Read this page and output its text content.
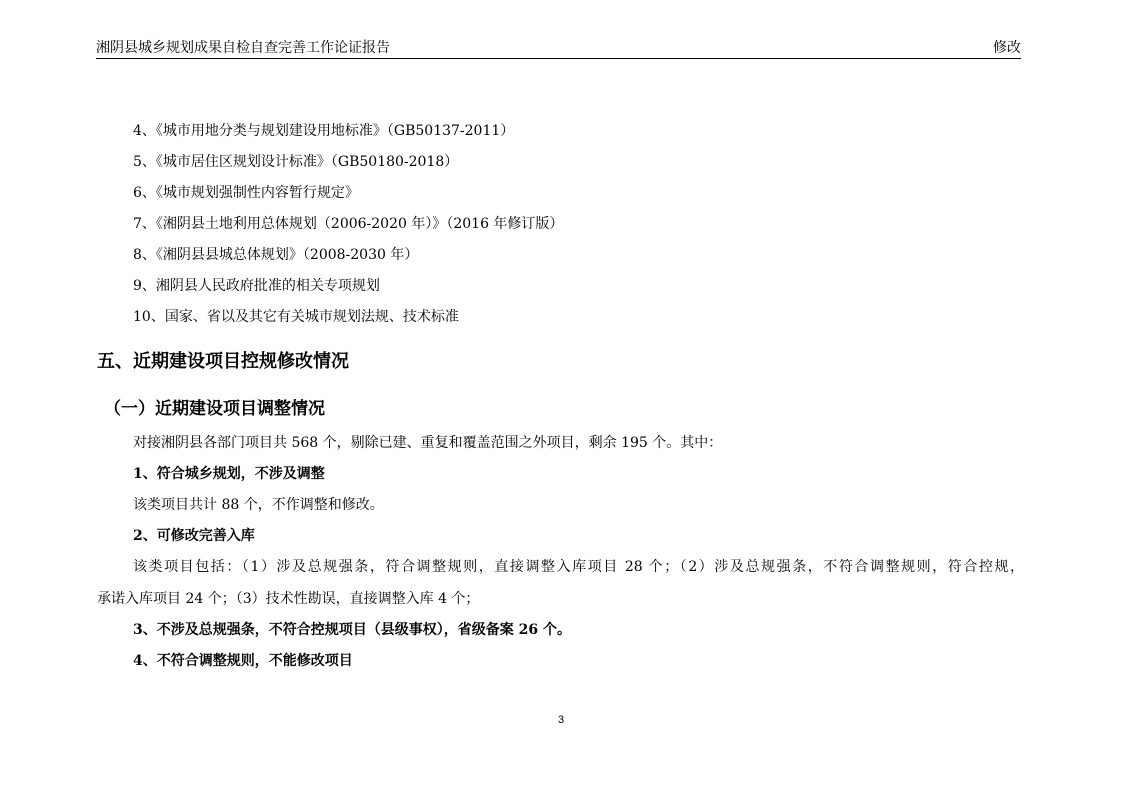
湘阴县城乡规划成果自检自查完善工作论证报告	修改
4、《城市用地分类与规划建设用地标准》（GB50137-2011）
5、《城市居住区规划设计标准》（GB50180-2018）
6、《城市规划强制性内容暂行规定》
7、《湘阴县土地利用总体规划（2006-2020 年）》（2016 年修订版）
8、《湘阴县县城总体规划》（2008-2030 年）
9、湘阴县人民政府批准的相关专项规划
10、国家、省以及其它有关城市规划法规、技术标准
五、近期建设项目控规修改情况
（一）近期建设项目调整情况
对接湘阴县各部门项目共 568 个，剔除已建、重复和覆盖范围之外项目，剩余 195 个。其中：
1、符合城乡规划，不涉及调整
该类项目共计 88 个，不作调整和修改。
2、可修改完善入库
该类项目包括：（1）涉及总规强条，符合调整规则，直接调整入库项目 28 个；（2）涉及总规强条，不符合调整规则，符合控规，
承诺入库项目 24 个；（3）技术性勘误，直接调整入库 4 个；
3、不涉及总规强条，不符合控规项目（县级事权），省级备案 26 个。
4、不符合调整规则，不能修改项目
3
